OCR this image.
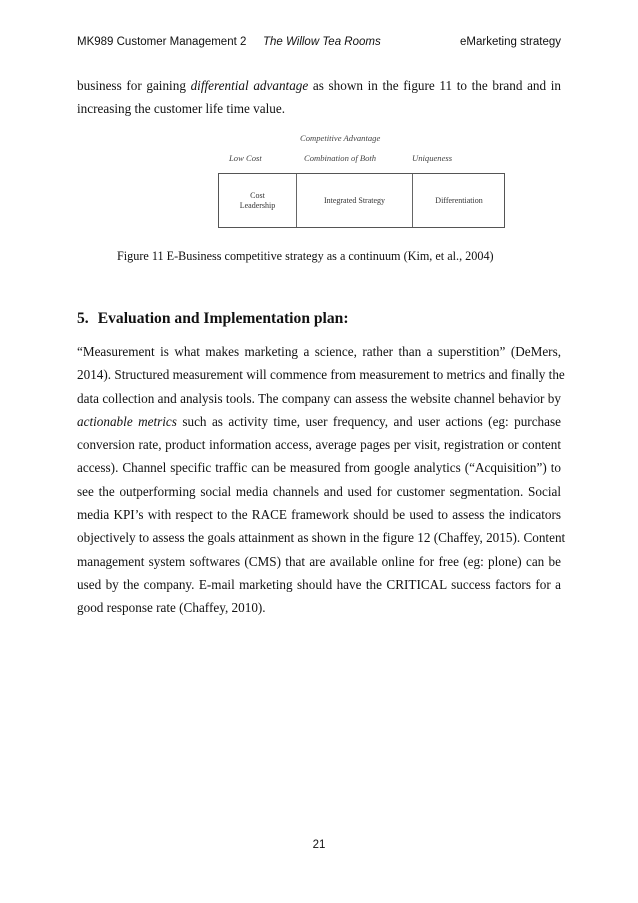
MK989 Customer Management 2 The Willow Tea Rooms	eMarketing strategy

business for gaining differential advantage as shown in the figure 11 to the brand and in
increasing the customer life time value.

Competitive Advantage
Low Cost	Combination of Both	Uniqueness
Cost
Leadership
Integrated Strategy	Differentiation
Figure 11 E-Business competitive strategy as a continuum (Kim, et al., 2004)
5. Evaluation and Implementation plan:

“Measurement is what makes marketing a science, rather than a superstition” (DeMers,
2014). Structured measurement will commence from measurement to metrics and finally the
data collection and analysis tools. The company can assess the website channel behavior by
actionable metrics such as activity time, user frequency, and user actions (eg: purchase
conversion rate, product information access, average pages per visit, registration or content
access). Channel specific traffic can be measured from google analytics (“Acquisition”) to
see the outperforming social media channels and used for customer segmentation. Social
media KPI’s with respect to the RACE framework should be used to assess the indicators
objectively to assess the goals attainment as shown in the figure 12 (Chaffey, 2015). Content
management system softwares (CMS) that are available online for free (eg: plone) can be
used by the company. E-mail marketing should have the CRITICAL success factors for a
good response rate (Chaffey, 2010).

21
